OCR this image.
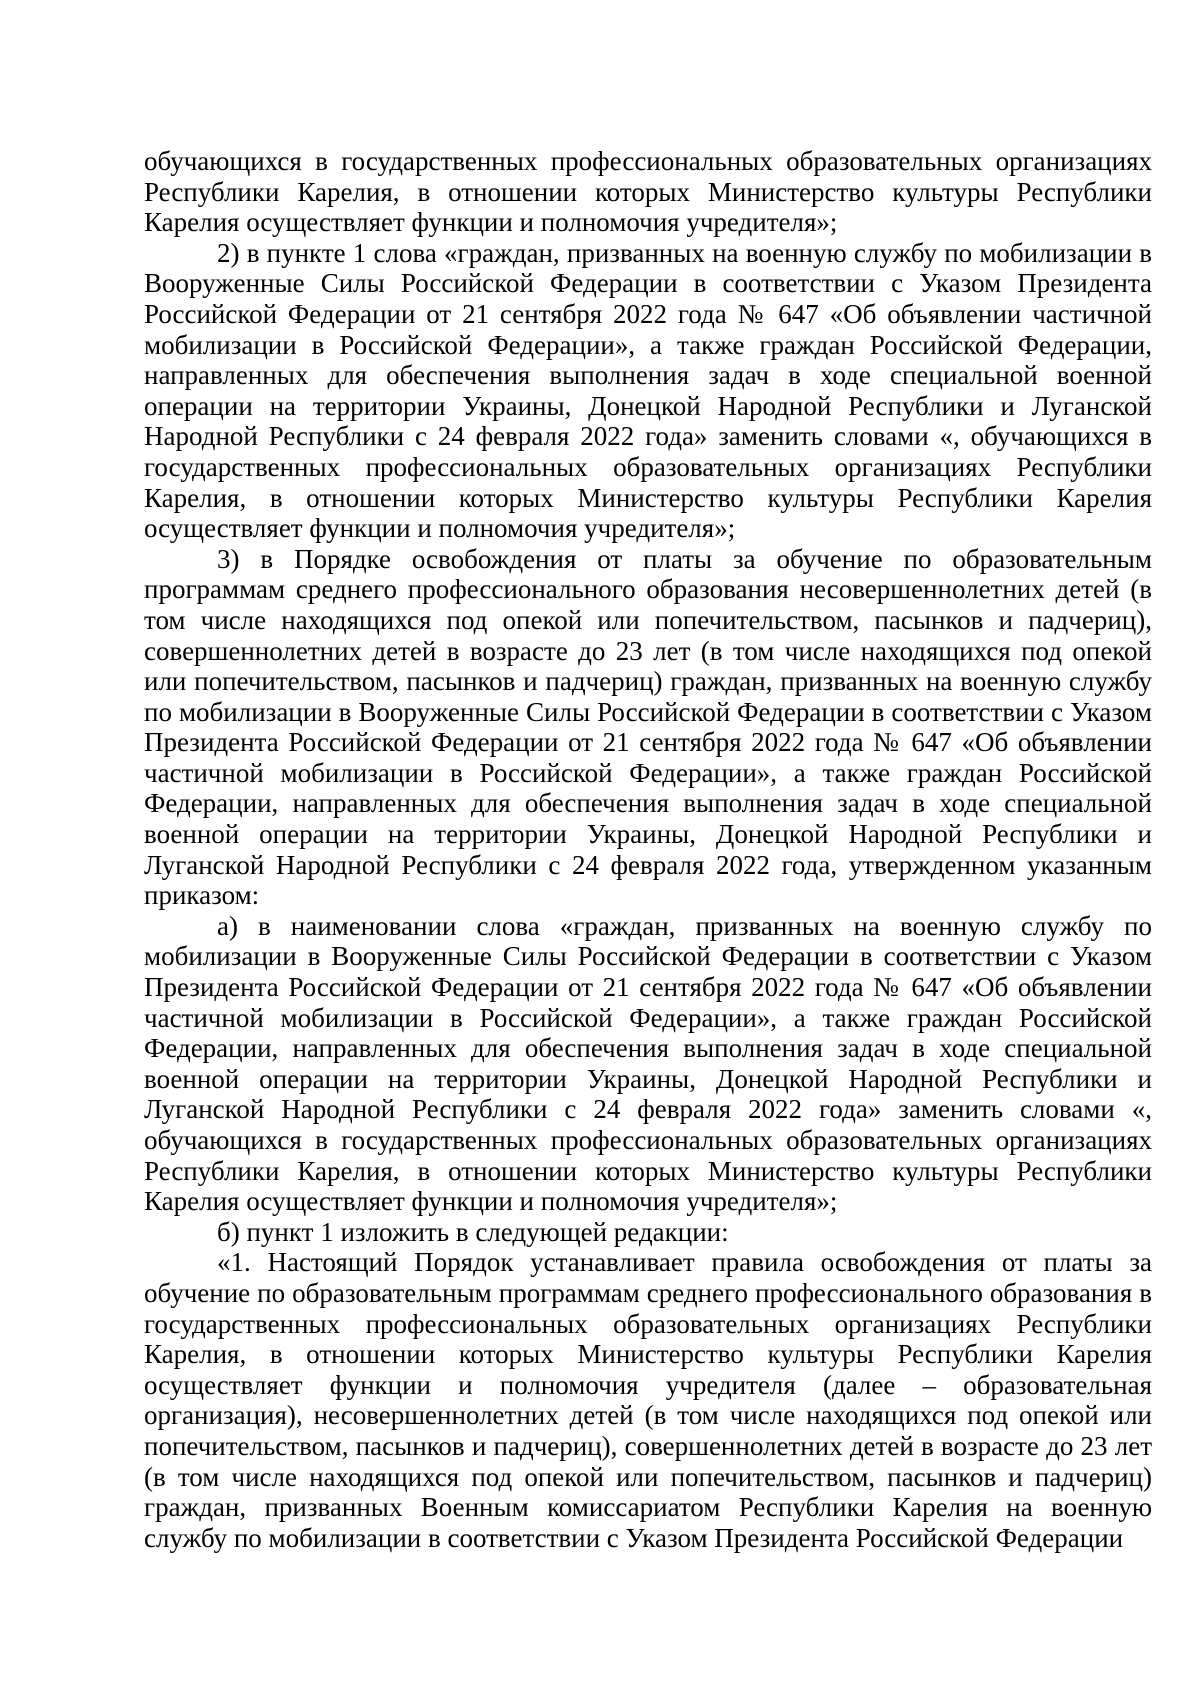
обучающихся в государственных профессиональных образовательных организациях Республики Карелия, в отношении которых Министерство культуры Республики Карелия осуществляет функции и полномочия учредителя»;

2) в пункте 1 слова «граждан, призванных на военную службу по мобилизации в Вооруженные Силы Российской Федерации в соответствии с Указом Президента Российской Федерации от 21 сентября 2022 года № 647 «Об объявлении частичной мобилизации в Российской Федерации», а также граждан Российской Федерации, направленных для обеспечения выполнения задач в ходе специальной военной операции на территории Украины, Донецкой Народной Республики и Луганской Народной Республики с 24 февраля 2022 года» заменить словами «, обучающихся в государственных профессиональных образовательных организациях Республики Карелия, в отношении которых Министерство культуры Республики Карелия осуществляет функции и полномочия учредителя»;

3) в Порядке освобождения от платы за обучение по образовательным программам среднего профессионального образования несовершеннолетних детей (в том числе находящихся под опекой или попечительством, пасынков и падчериц), совершеннолетних детей в возрасте до 23 лет (в том числе находящихся под опекой или попечительством, пасынков и падчериц) граждан, призванных на военную службу по мобилизации в Вооруженные Силы Российской Федерации в соответствии с Указом Президента Российской Федерации от 21 сентября 2022 года № 647 «Об объявлении частичной мобилизации в Российской Федерации», а также граждан Российской Федерации, направленных для обеспечения выполнения задач в ходе специальной военной операции на территории Украины, Донецкой Народной Республики и Луганской Народной Республики с 24 февраля 2022 года, утвержденном указанным приказом:

а) в наименовании слова «граждан, призванных на военную службу по мобилизации в Вооруженные Силы Российской Федерации в соответствии с Указом Президента Российской Федерации от 21 сентября 2022 года № 647 «Об объявлении частичной мобилизации в Российской Федерации», а также граждан Российской Федерации, направленных для обеспечения выполнения задач в ходе специальной военной операции на территории Украины, Донецкой Народной Республики и Луганской Народной Республики с 24 февраля 2022 года» заменить словами «, обучающихся в государственных профессиональных образовательных организациях Республики Карелия, в отношении которых Министерство культуры Республики Карелия осуществляет функции и полномочия учредителя»;

б) пункт 1 изложить в следующей редакции:

«1. Настоящий Порядок устанавливает правила освобождения от платы за обучение по образовательным программам среднего профессионального образования в государственных профессиональных образовательных организациях Республики Карелия, в отношении которых Министерство культуры Республики Карелия осуществляет функции и полномочия учредителя (далее – образовательная организация), несовершеннолетних детей (в том числе находящихся под опекой или попечительством, пасынков и падчериц), совершеннолетних детей в возрасте до 23 лет (в том числе находящихся под опекой или попечительством, пасынков и падчериц) граждан, призванных Военным комиссариатом Республики Карелия на военную службу по мобилизации в соответствии с Указом Президента Российской Федерации
